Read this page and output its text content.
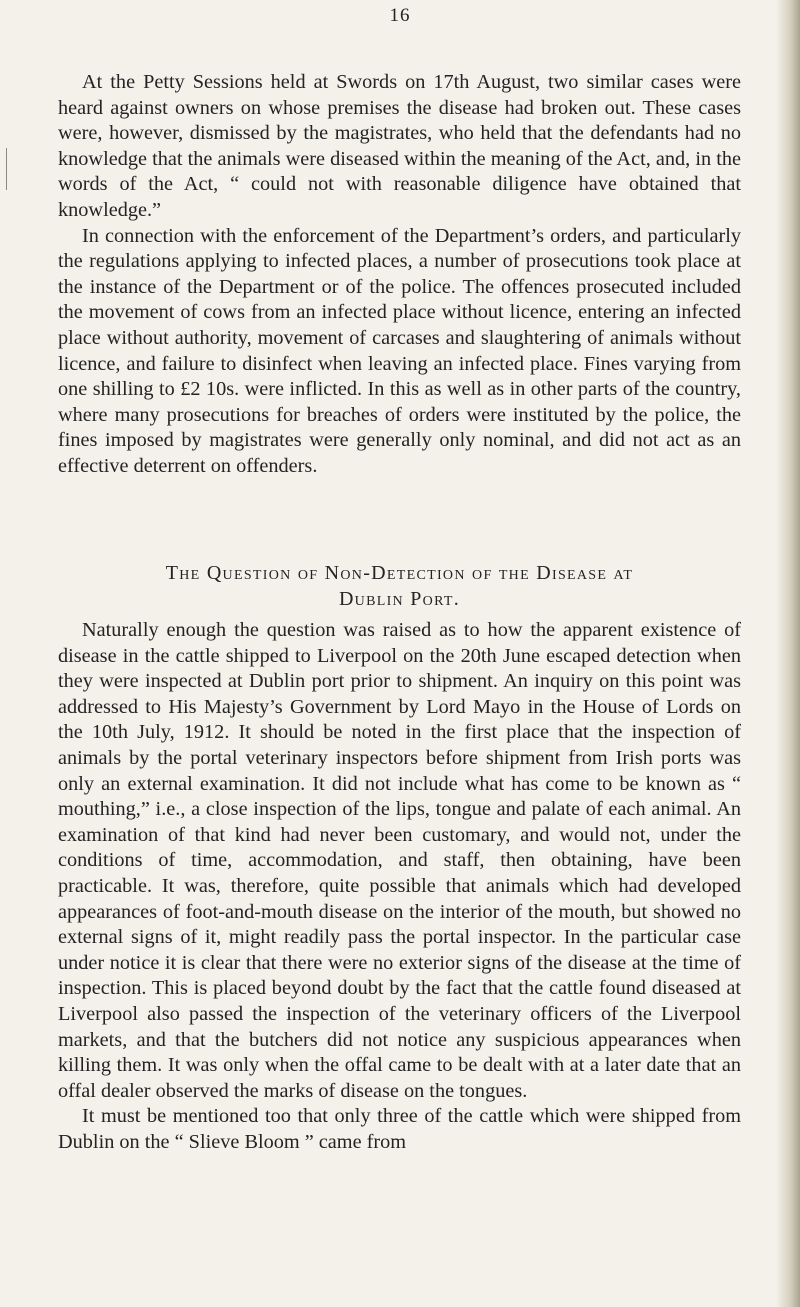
16

At the Petty Sessions held at Swords on 17th August, two similar cases were heard against owners on whose premises the disease had broken out. These cases were, however, dismissed by the magistrates, who held that the defendants had no knowledge that the animals were diseased within the meaning of the Act, and, in the words of the Act, “ could not with reasonable diligence have obtained that knowledge.”

In connection with the enforcement of the Department’s orders, and particularly the regulations applying to infected places, a number of prosecutions took place at the instance of the Department or of the police. The offences prosecuted included the movement of cows from an infected place without licence, entering an infected place without authority, movement of carcases and slaughtering of animals without licence, and failure to disinfect when leaving an infected place. Fines varying from one shilling to £2 10s. were inflicted. In this as well as in other parts of the country, where many prosecutions for breaches of orders were instituted by the police, the fines imposed by magistrates were generally only nominal, and did not act as an effective deterrent on offenders.

The Question of Non-Detection of the Disease at
Dublin Port.

Naturally enough the question was raised as to how the apparent existence of disease in the cattle shipped to Liverpool on the 20th June escaped detection when they were inspected at Dublin port prior to shipment. An inquiry on this point was addressed to His Majesty’s Government by Lord Mayo in the House of Lords on the 10th July, 1912. It should be noted in the first place that the inspection of animals by the portal veterinary inspectors before shipment from Irish ports was only an external examination. It did not include what has come to be known as “ mouthing,” i.e., a close inspection of the lips, tongue and palate of each animal. An examination of that kind had never been customary, and would not, under the conditions of time, accommodation, and staff, then obtaining, have been practicable. It was, therefore, quite possible that animals which had developed appearances of foot-and-mouth disease on the interior of the mouth, but showed no external signs of it, might readily pass the portal inspector. In the particular case under notice it is clear that there were no exterior signs of the disease at the time of inspection. This is placed beyond doubt by the fact that the cattle found diseased at Liverpool also passed the inspection of the veterinary officers of the Liverpool markets, and that the butchers did not notice any suspicious appearances when killing them. It was only when the offal came to be dealt with at a later date that an offal dealer observed the marks of disease on the tongues.

It must be mentioned too that only three of the cattle which were shipped from Dublin on the “ Slieve Bloom ” came from
